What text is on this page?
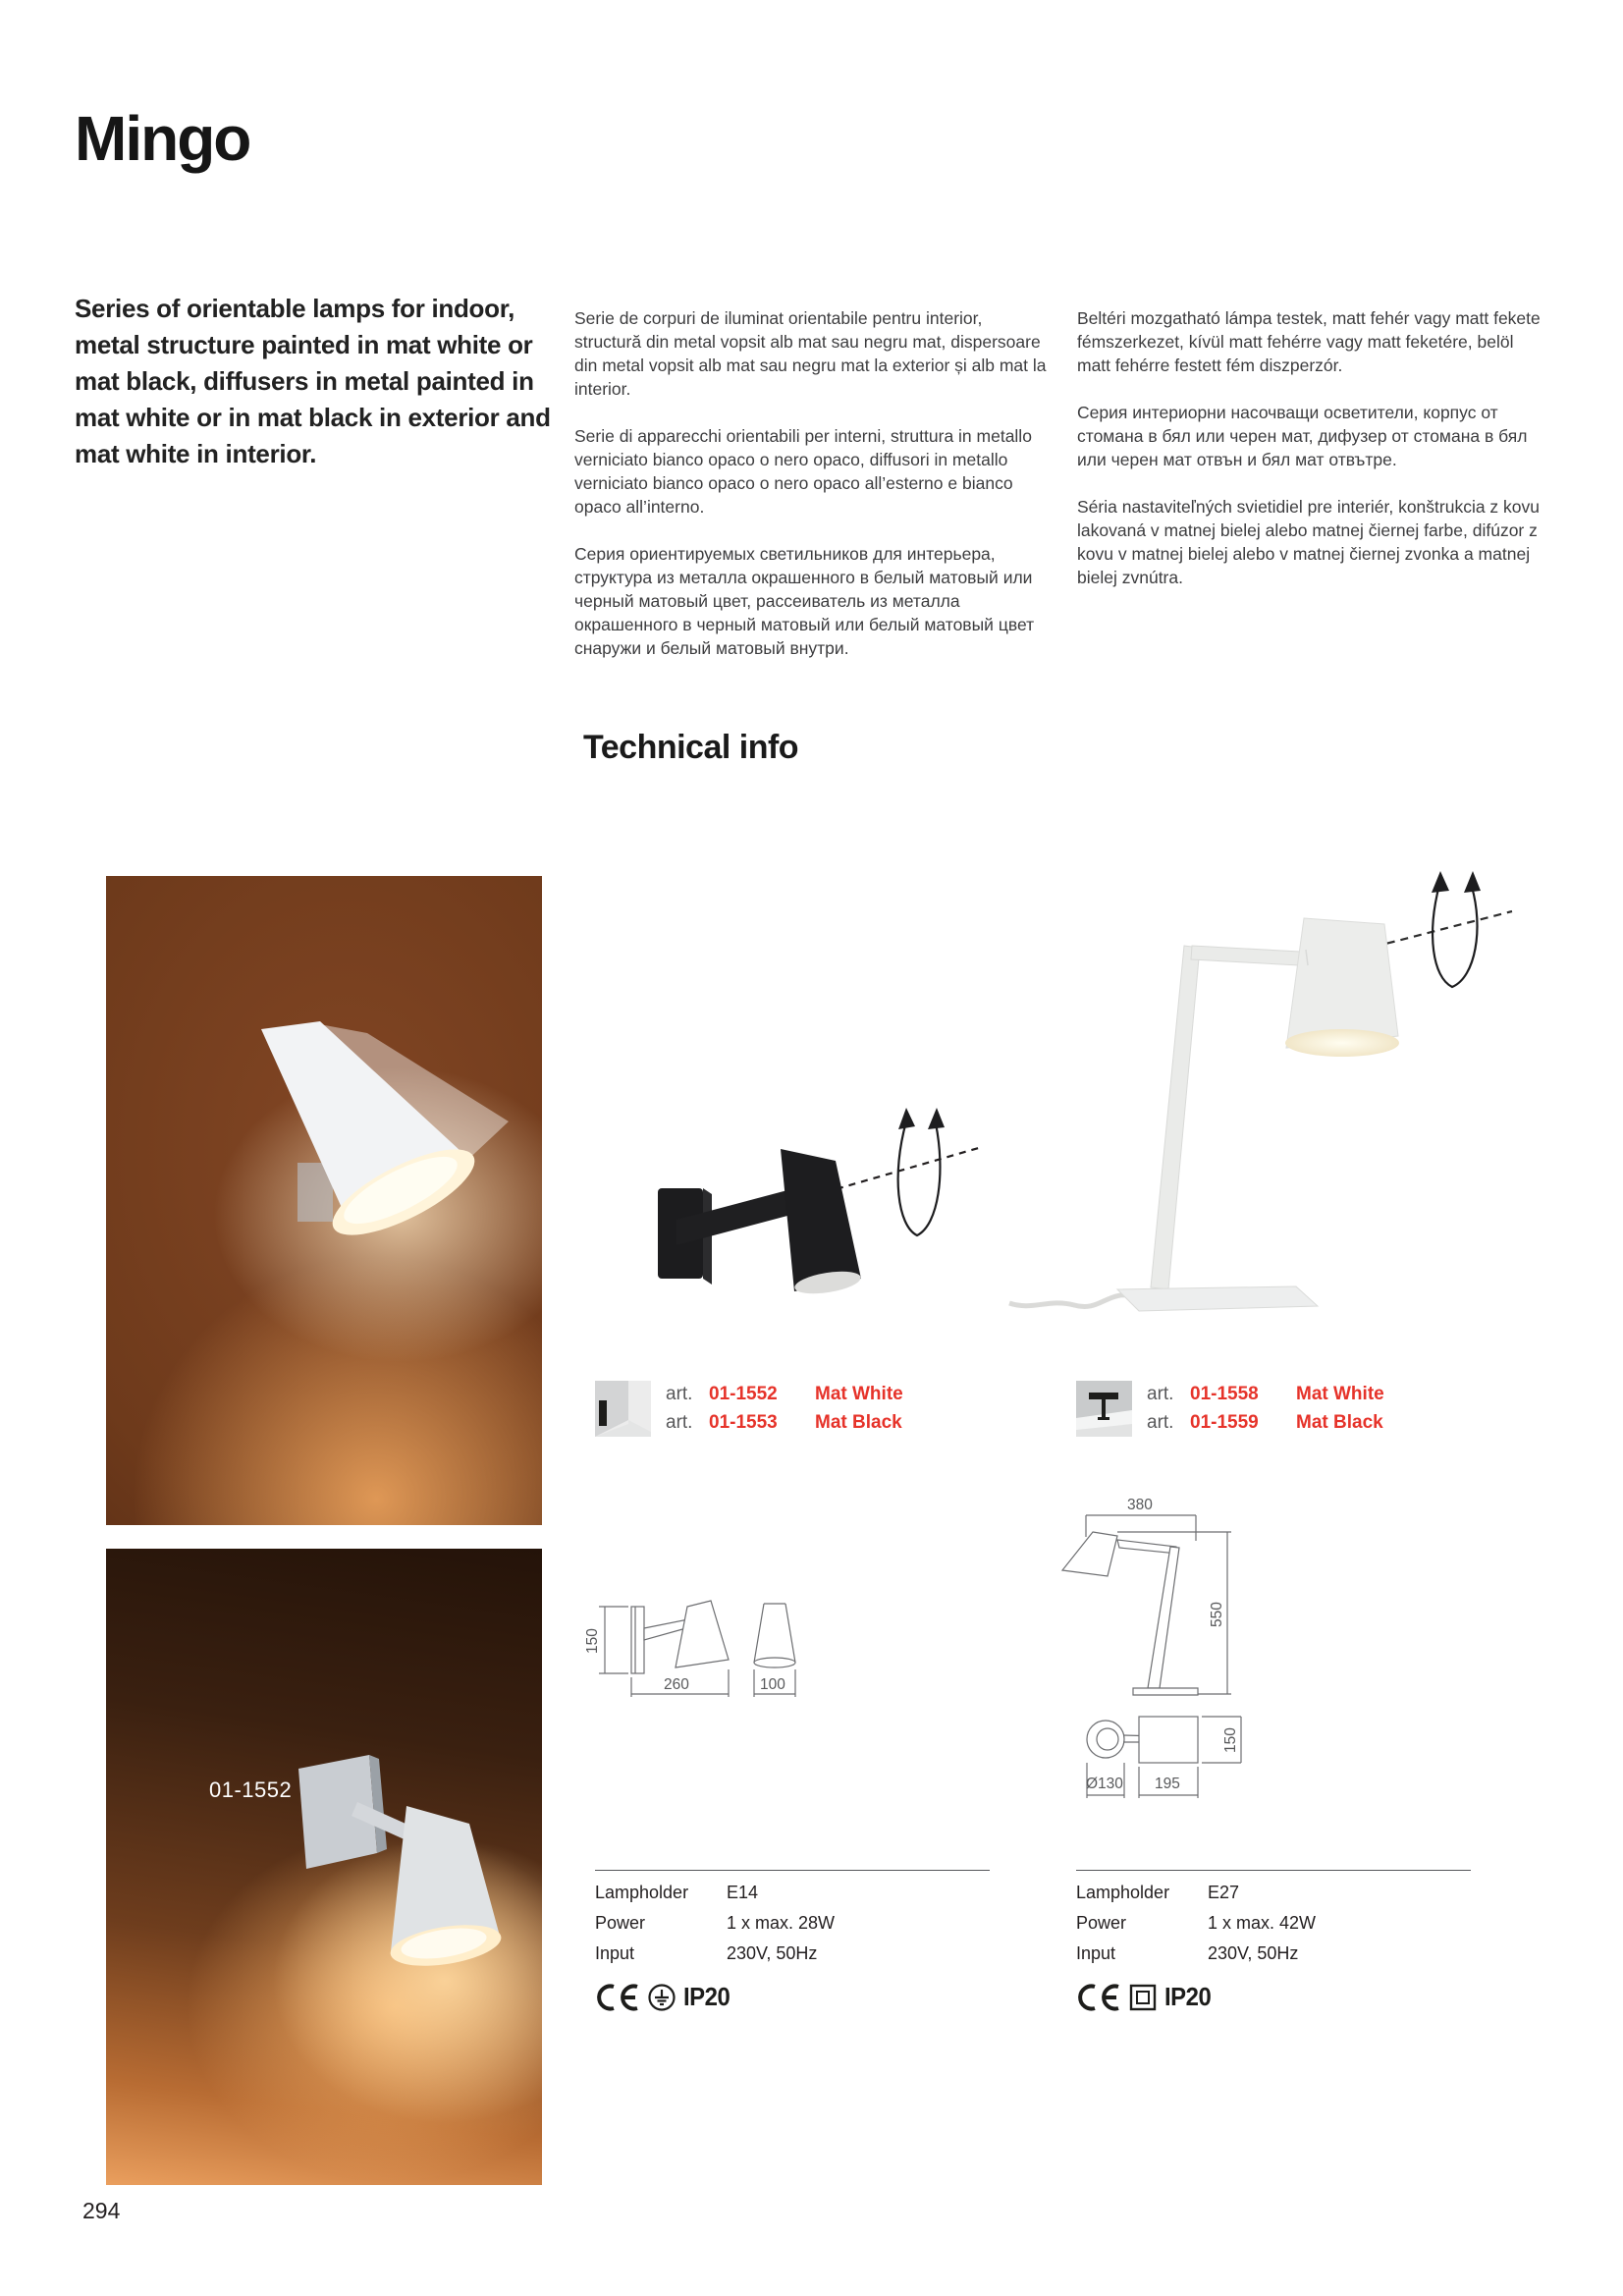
Mingo
Series of orientable lamps for indoor, metal structure painted in mat white or mat black, diffusers in metal painted in mat white or in mat black in exterior and mat white in interior.

Serie de corpuri de iluminat orientabile pentru interior, structură din metal vopsit alb mat sau negru mat, dispersoare din metal vopsit alb mat sau negru mat la exterior și alb mat la interior.

Serie di apparecchi orientabili per interni, struttura in metallo verniciato bianco opaco o nero opaco, diffusori in metallo verniciato bianco opaco o nero opaco all’esterno e bianco opaco all’interno.

Серия ориентируемых светильников для интерьера, структура из металла окрашенного в белый матовый или черный матовый цвет, рассеиватель из металла окрашенного в черный матовый или белый матовый цвет снаружи и белый матовый внутри.

Beltéri mozgatható lámpa testek, matt fehér vagy matt fekete fémszerkezet, kívül matt fehérre vagy matt feketére, belöl matt fehérre festett fém diszperzór.

Серия интериорни насочващи осветители, корпус от стомана в бял или черен мат, дифузер от стомана в бял или черен мат отвън и бял мат отвътре.

Séria nastaviteľných svietidiel pre interiér, konštrukcia z kovu lakovaná v matnej bielej alebo matnej čiernej farbe, difúzor z kovu v matnej bielej alebo v matnej čiernej zvonka a matnej bielej zvnútra.

Technical info
01-1552
art. 01-1552	Mat White
art. 01-1553	Mat Black
art. 01-1558	Mat White
art. 01-1559	Mat Black
150
260	100
380
550
150
Ø130 195
Lampholder	E14
Power	1 x max. 28W
Input	230V, 50Hz
Lampholder	E27
Power	1 x max. 42W
Input	230V, 50Hz
IP20	IP20
294
